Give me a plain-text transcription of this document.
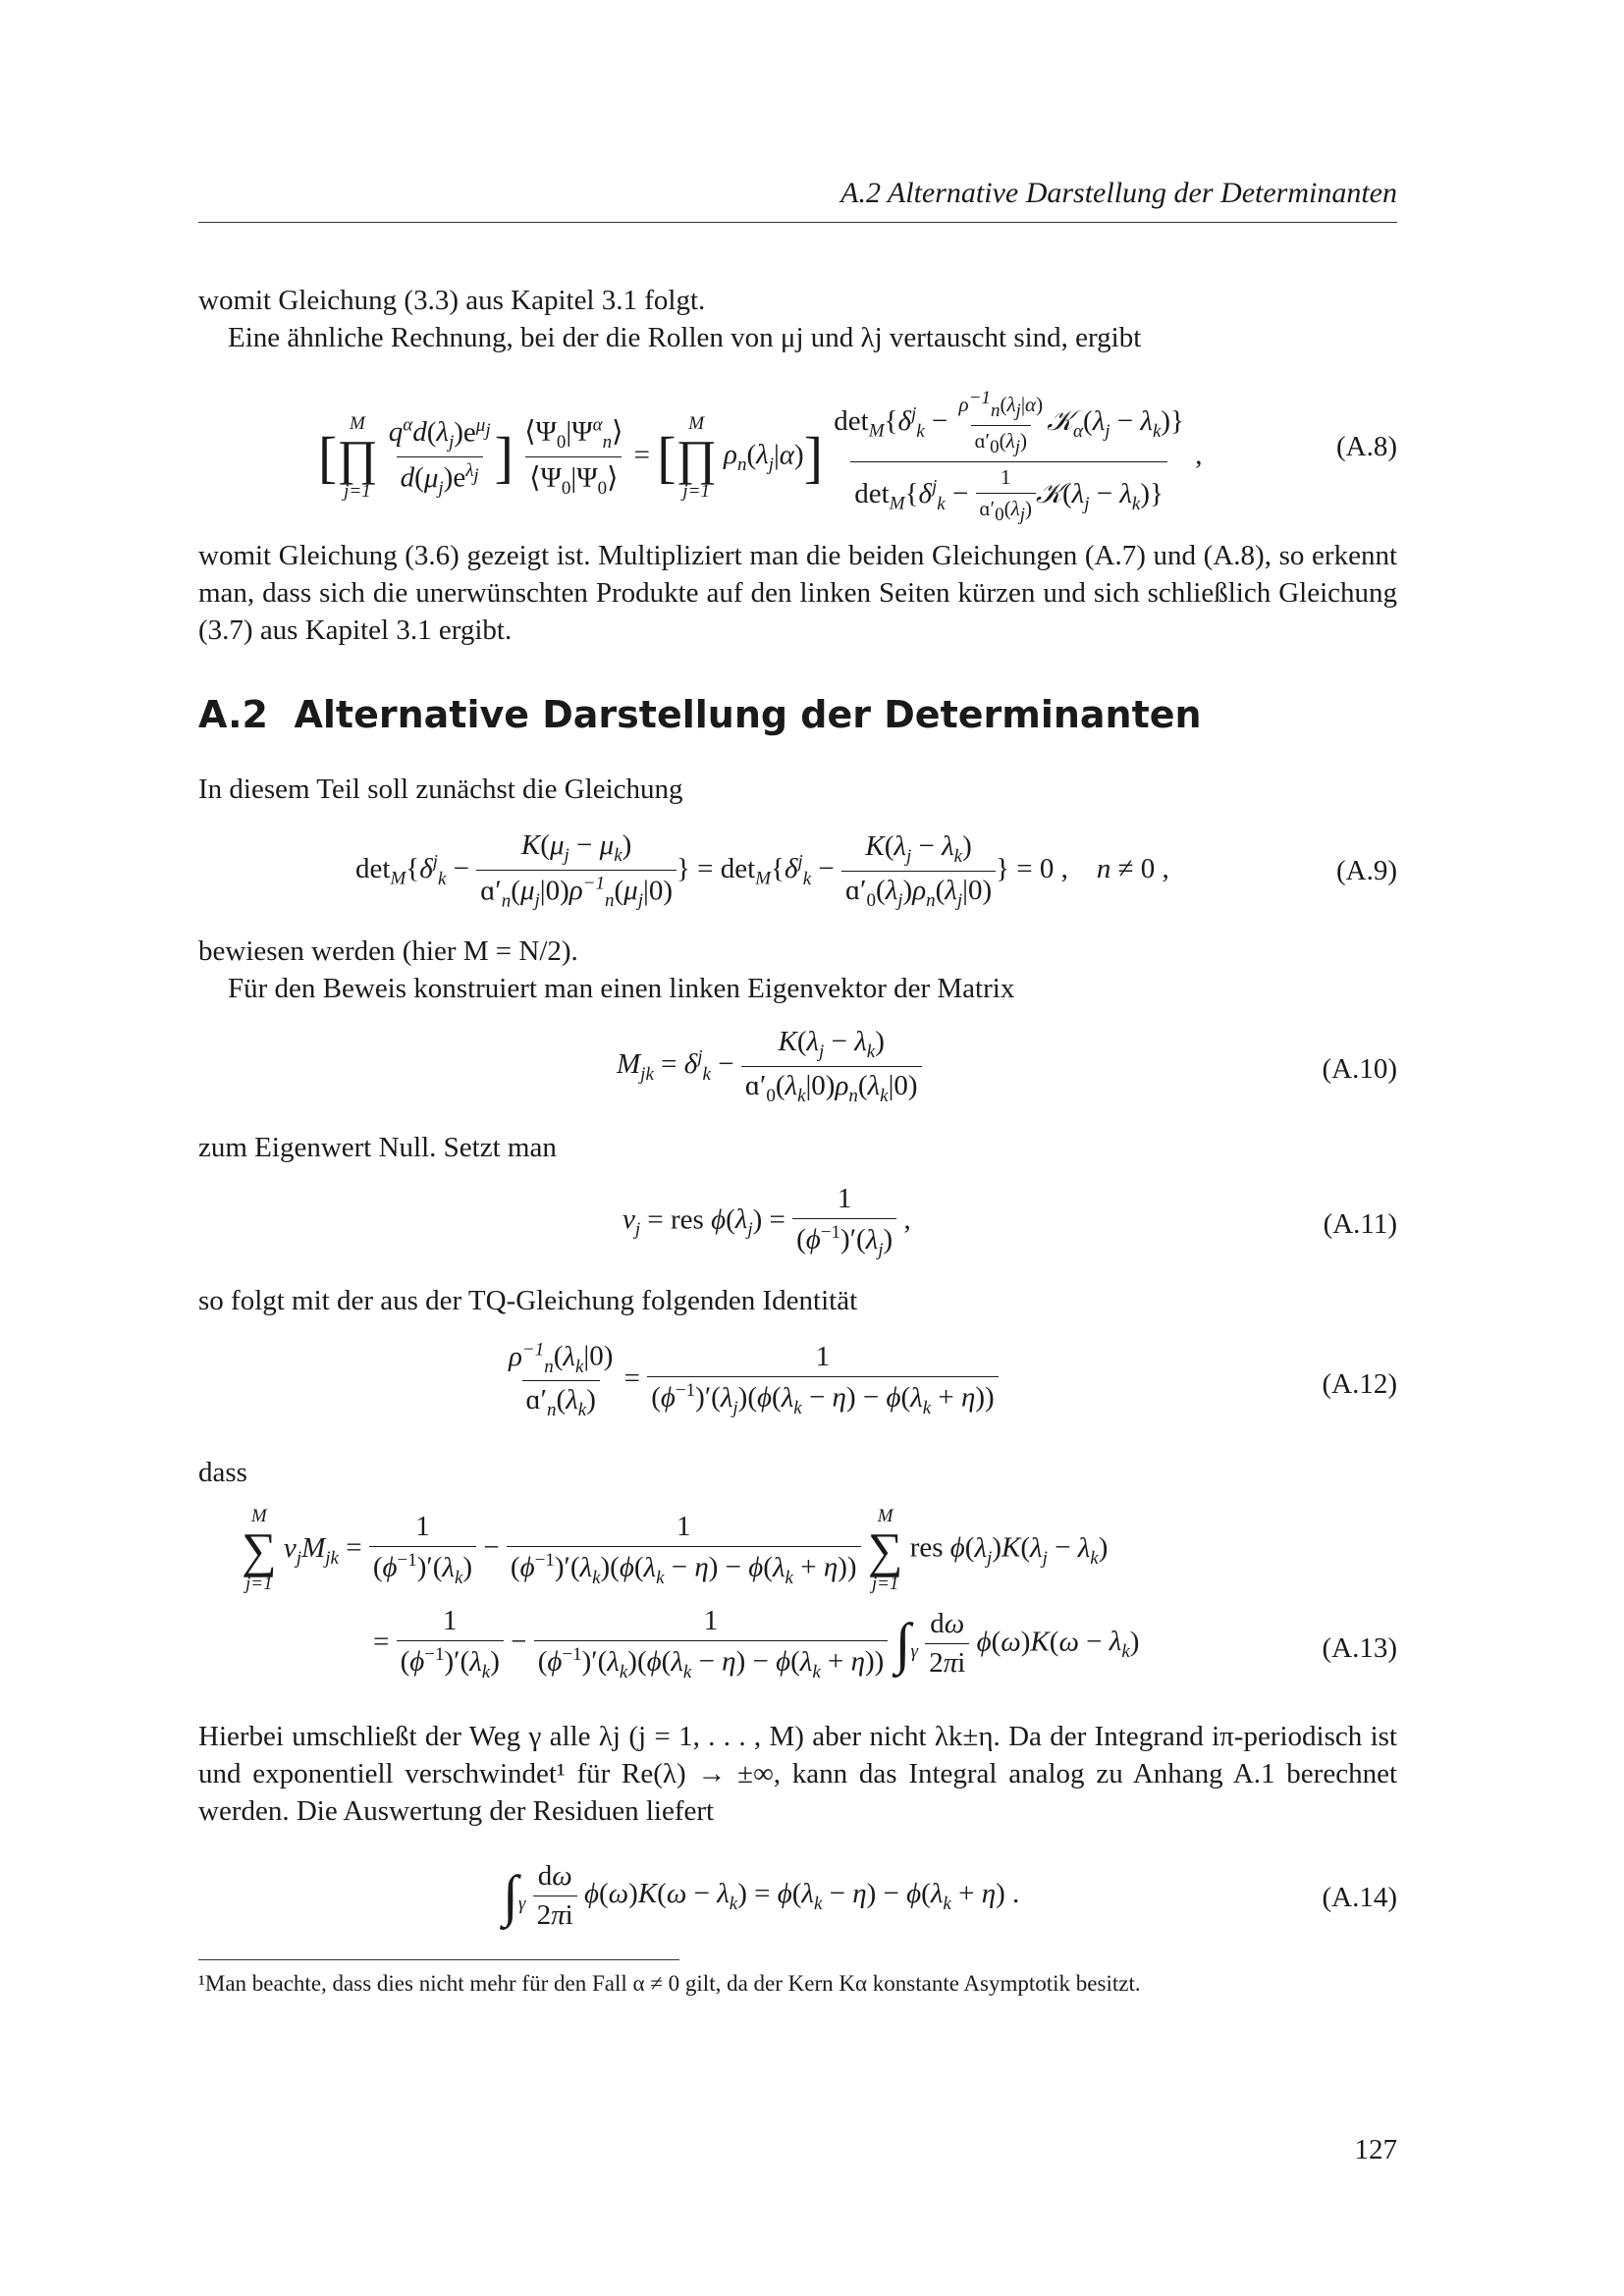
A.2 Alternative Darstellung der Determinanten
womit Gleichung (3.3) aus Kapitel 3.1 folgt.
Eine ähnliche Rechnung, bei der die Rollen von μj und λj vertauscht sind, ergibt
[
M
∏
j=1
$\frac{q^\alpha d(\lambda_j)e^{\mu_j}}{d(\mu_j)e^{\lambda_j}}$ ] $\frac{⟨\Psi_0|\Psi^\alpha_n⟩}{⟨\Psi_0|\Psi_0⟩}$ = [
M
∏
j=1
$\rho_n(\lambda_j|\alpha)] \frac{\det_M\{\delta^j_k - \frac{\rho^{-1}_n(\lambda_j|\alpha)}{ɑ'_0(\lambda_j)} 𝒦_\alpha(\lambda_j - \lambda_k)\}}{\det_M\{\delta^j_k - \frac{1}{ɑ'_0(\lambda_j)} 𝒦(\lambda_j - \lambda_k)\}}$ ,	(A.8)
womit Gleichung (3.6) gezeigt ist. Multipliziert man die beiden Gleichungen (A.7) und (A.8), so erkennt man, dass sich die unerwünschten Produkte auf den linken Seiten kürzen und sich schließlich Gleichung (3.7) aus Kapitel 3.1 ergibt.
A.2 Alternative Darstellung der Determinanten
In diesem Teil soll zunächst die Gleichung
$\det_M\{\delta^j_k - \frac{K(\mu_j - \mu_k)}{ɑ'_n(\mu_j|0)\rho^{-1}_n(\mu_j|0)}$ } = $\det_M\{\delta^j_k - \frac{K(\lambda_j - \lambda_k)}{ɑ'_0(\lambda_j)\rho_n(\lambda_j|0)}$ } = 0 ,    n ≠ 0 ,	(A.9)
bewiesen werden (hier M = N/2).
Für den Beweis konstruiert man einen linken Eigenvektor der Matrix
$M_{jk} = \delta^j_k - \frac{K(\lambda_j - \lambda_k)}{ɑ'_0(\lambda_k|0)\rho_n(\lambda_k|0)}$	(A.10)
zum Eigenwert Null. Setzt man
$v_j$ = res $\phi(\lambda_j) = \frac{1}{(\phi^{-1})'(\lambda_j)}$ ,	(A.11)
so folgt mit der aus der TQ-Gleichung folgenden Identität
$\frac{\rho^{-1}_n(\lambda_k|0)}{ɑ'_n(\lambda_k)} = \frac{1}{(\phi^{-1})'(\lambda_j)(\phi(\lambda_k - \eta) - \phi(\lambda_k + \eta))}$	(A.12)
dass
M
∑
j=1
$v_jM_{jk} = \frac{1}{(\phi^{-1})'(\lambda_k)} - \frac{1}{(\phi^{-1})'(\lambda_k)(\phi(\lambda_k - \eta) - \phi(\lambda_k + \eta))}$
M
∑
j=1
res $\phi(\lambda_j)K(\lambda_j - \lambda_k)$
= $\frac{1}{(\phi^{-1})'(\lambda_k)} - \frac{1}{(\phi^{-1})'(\lambda_k)(\phi(\lambda_k - \eta) - \phi(\lambda_k + \eta))} \int_\gamma \frac{d\omega}{2\pi i} \phi(\omega)K(\omega - \lambda_k)$	(A.13)
Hierbei umschließt der Weg γ alle λj (j = 1, . . . , M) aber nicht λk±η. Da der Integrand iπ-periodisch ist und exponentiell verschwindet¹ für Re(λ) → ±∞, kann das Integral analog zu Anhang A.1 berechnet werden. Die Auswertung der Residuen liefert
$\int_\gamma \frac{d\omega}{2\pi i} \phi(\omega)K(\omega - \lambda_k) = \phi(\lambda_k - \eta) - \phi(\lambda_k + \eta)$ .	(A.14)
¹Man beachte, dass dies nicht mehr für den Fall α ≠ 0 gilt, da der Kern Kα konstante Asymptotik besitzt.
127
